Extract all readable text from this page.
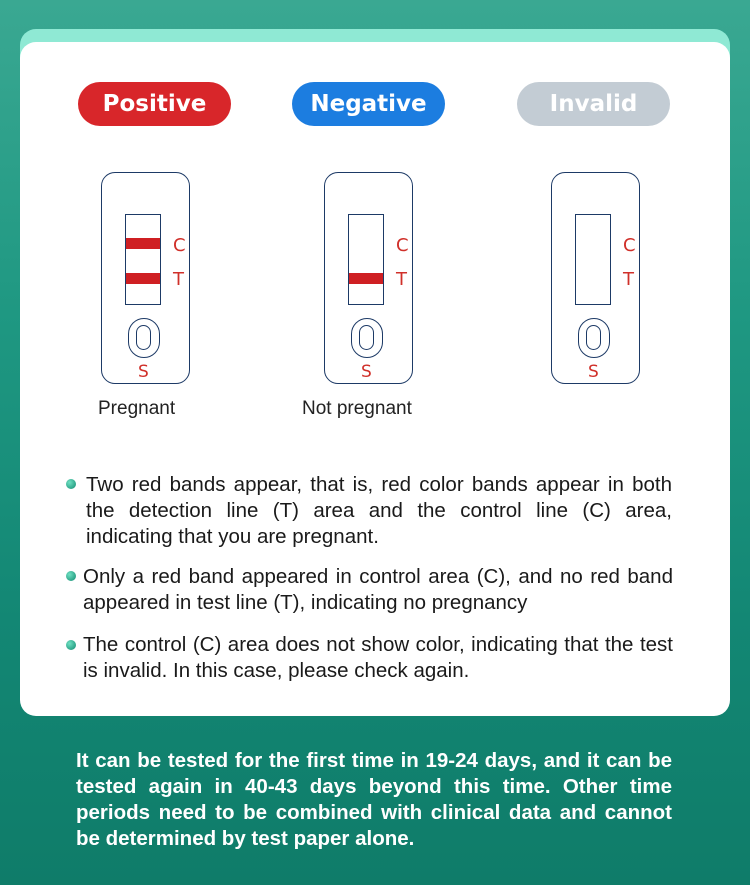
Positive	Negative	Invalid
C
T
S
C
T
S
C
T
S
Pregnant	Not pregnant
Two red bands appear, that is, red color bands appear in both the detection line (T) area and the control line (C) area, indicating that you are pregnant.
Only a red band appeared in control area (C), and no red band appeared in test line (T), indicating no pregnancy
The control (C) area does not show color, indicating that the test is invalid. In this case, please check again.
It can be tested for the first time in 19-24 days, and it can be tested again in 40-43 days beyond this time. Other time periods need to be combined with clinical data and cannot be determined by test paper alone.
